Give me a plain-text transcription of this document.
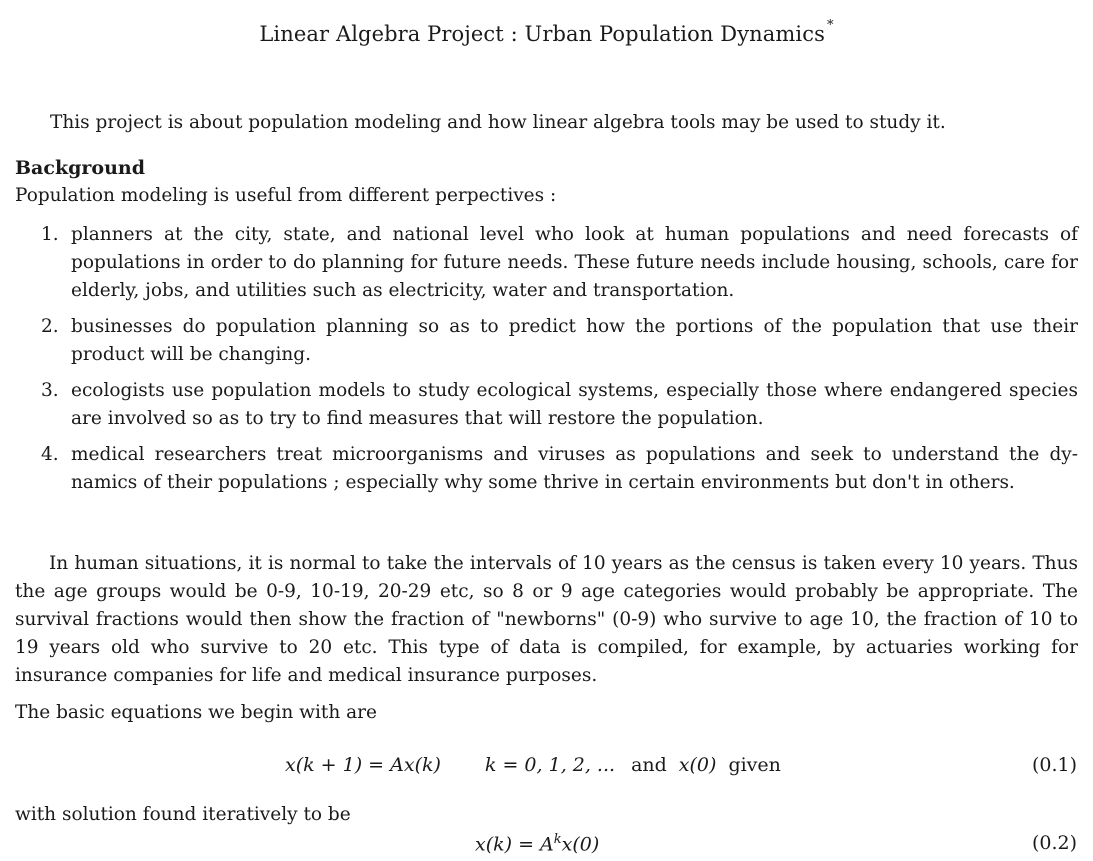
Linear Algebra Project : Urban Population Dynamics *
This project is about population modeling and how linear algebra tools may be used to study it.
Background
Population modeling is useful from different perpectives :
1. planners at the city, state, and national level who look at human populations and need forecasts of populations in order to do planning for future needs. These future needs include housing, schools, care for elderly, jobs, and utilities such as electricity, water and transportation.
2. businesses do population planning so as to predict how the portions of the population that use their product will be changing.
3. ecologists use population models to study ecological systems, especially those where endangered species are involved so as to try to find measures that will restore the population.
4. medical researchers treat microorganisms and viruses as populations and seek to understand the dy-namics of their populations ; especially why some thrive in certain environments but don't in others.
In human situations, it is normal to take the intervals of 10 years as the census is taken every 10 years. Thus the age groups would be 0-9, 10-19, 20-29 etc, so 8 or 9 age categories would probably be appropriate. The survival fractions would then show the fraction of "newborns" (0-9) who survive to age 10, the fraction of 10 to 19 years old who survive to 20 etc. This type of data is compiled, for example, by actuaries working for insurance companies for life and medical insurance purposes.
The basic equations we begin with are
x(k + 1) = Ax(k) k = 0, 1, 2, ... and x(0) given	(0.1)
with solution found iteratively to be
$x(k) = A^kx(0)$	(0.2)
